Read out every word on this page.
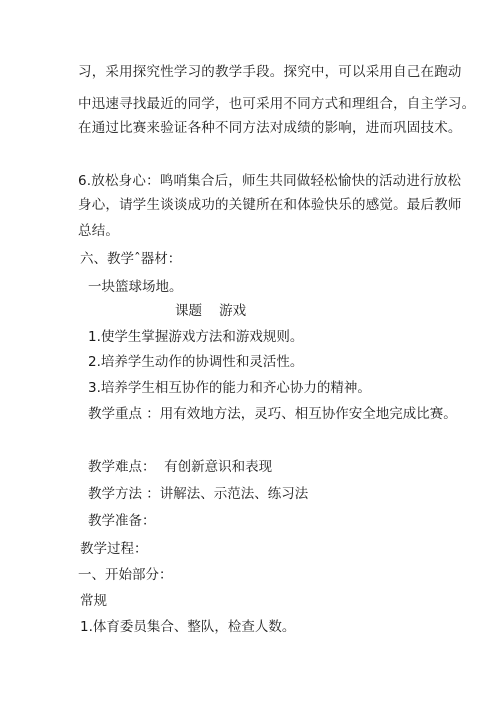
习，采用探究性学习的教学手段。探究中，可以采用自己在跑动
中迅速寻找最近的同学，也可采用不同方式和理组合，自主学习。
在通过比赛来验证各种不同方法对成绩的影响，进而巩固技术。
6.放松身心：鸣哨集合后，师生共同做轻松愉快的活动进行放松
身心，请学生谈谈成功的关键所在和体验快乐的感觉。最后教师
总结。
六、教学ˆ器材：
一块篮球场地。
课题    游戏
1.使学生掌握游戏方法和游戏规则。
2.培养学生动作的协调性和灵活性。
3.培养学生相互协作的能力和齐心协力的精神。
教学重点 ：用有效地方法，灵巧、相互协作安全地完成比赛。
教学难点：  有创新意识和表现
教学方法 ：讲解法、示范法、练习法
教学准备：
教学过程：
一、开始部分：
常规
1.体育委员集合、整队，检查人数。
